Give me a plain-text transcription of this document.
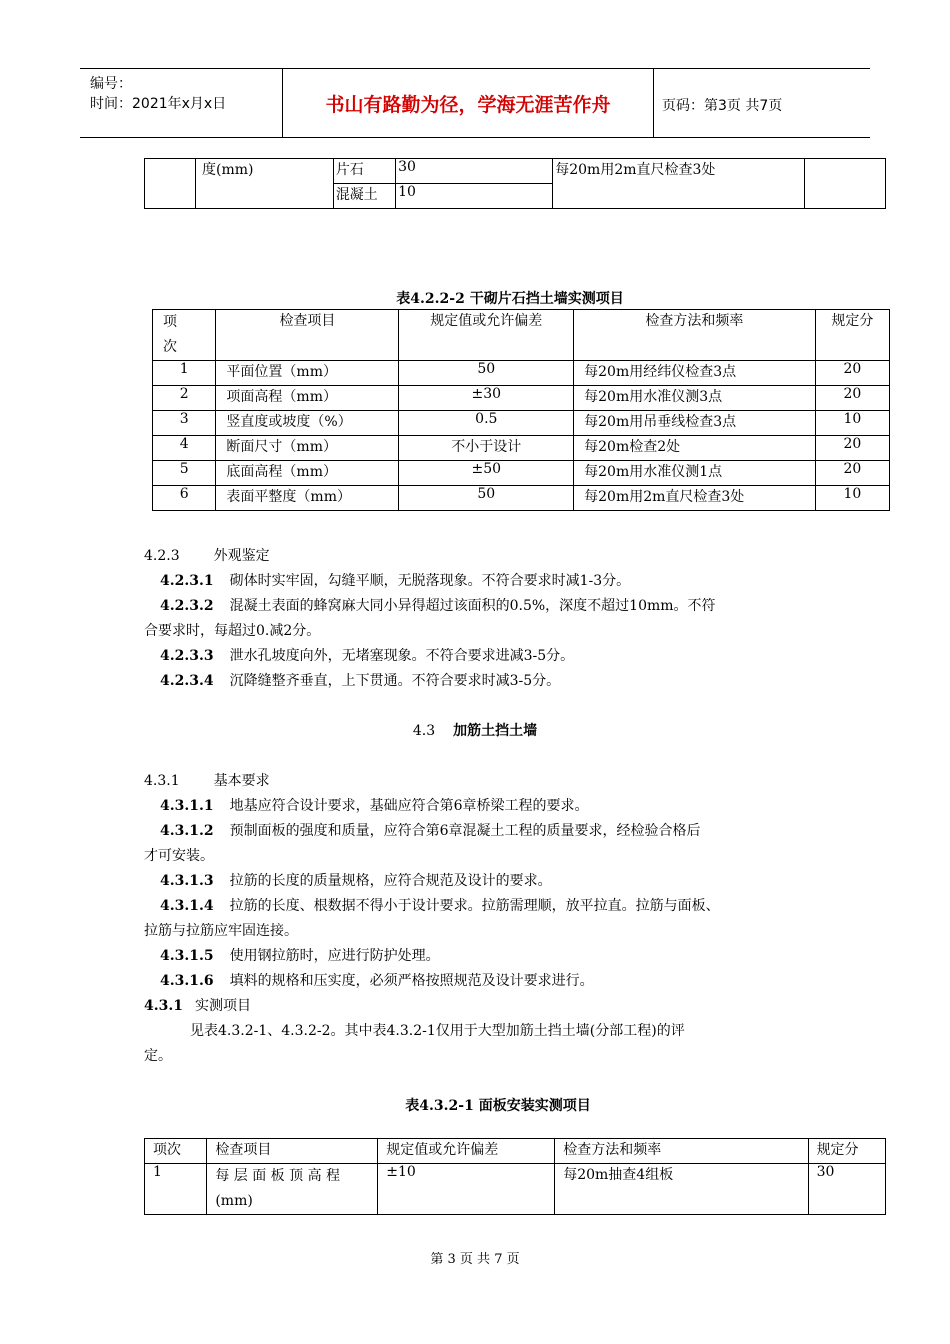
编号：
时间：2021年x月x日	书山有路勤为径，学海无涯苦作舟	页码：第3页 共7页
	度(mm)	片石	30	每20m用2m直尺检查3处	
		混凝土	10		
表4.2.2-2 干砌片石挡土墙实测项目
项
次	检查项目	规定值或允许偏差	检查方法和频率	规定分
1	平面位置（mm）	50	每20m用经纬仪检查3点	20
2	项面高程（mm）	±30	每20m用水准仪测3点	20
3	竖直度或坡度（%）	0.5	每20m用吊垂线检查3点	10
4	断面尺寸（mm）	不小于设计	每20m检查2处	20
5	底面高程（mm）	±50	每20m用水准仪测1点	20
6	表面平整度（mm）	50	每20m用2m直尺检查3处	10
4.2.3 外观鉴定
4.2.3.1 砌体时实牢固，勾缝平顺，无脱落现象。不符合要求时减1-3分。
4.2.3.2 混凝土表面的蜂窝麻大同小异得超过该面积的0.5%，深度不超过10mm。不符
合要求时，每超过0.减2分。
4.2.3.3 泄水孔坡度向外，无堵塞现象。不符合要求进减3-5分。
4.2.3.4 沉降缝整齐垂直，上下贯通。不符合要求时减3-5分。
4.3 加筋土挡土墙
4.3.1 基本要求
4.3.1.1 地基应符合设计要求，基础应符合第6章桥梁工程的要求。
4.3.1.2 预制面板的强度和质量，应符合第6章混凝土工程的质量要求，经检验合格后
才可安装。
4.3.1.3 拉筋的长度的质量规格，应符合规范及设计的要求。
4.3.1.4 拉筋的长度、根数据不得小于设计要求。拉筋需理顺，放平拉直。拉筋与面板、
拉筋与拉筋应牢固连接。
4.3.1.5 使用钢拉筋时，应进行防护处理。
4.3.1.6 填料的规格和压实度，必须严格按照规范及设计要求进行。
4.3.1 实测项目
见表4.3.2-1、4.3.2-2。其中表4.3.2-1仅用于大型加筋土挡土墙(分部工程)的评
定。
表4.3.2-1 面板安装实测项目
项次	检查项目	规定值或允许偏差	检查方法和频率	规定分
1	每 层 面 板 顶 高 程
(mm)	±10	每20m抽查4组板	30
第 3 页 共 7 页
